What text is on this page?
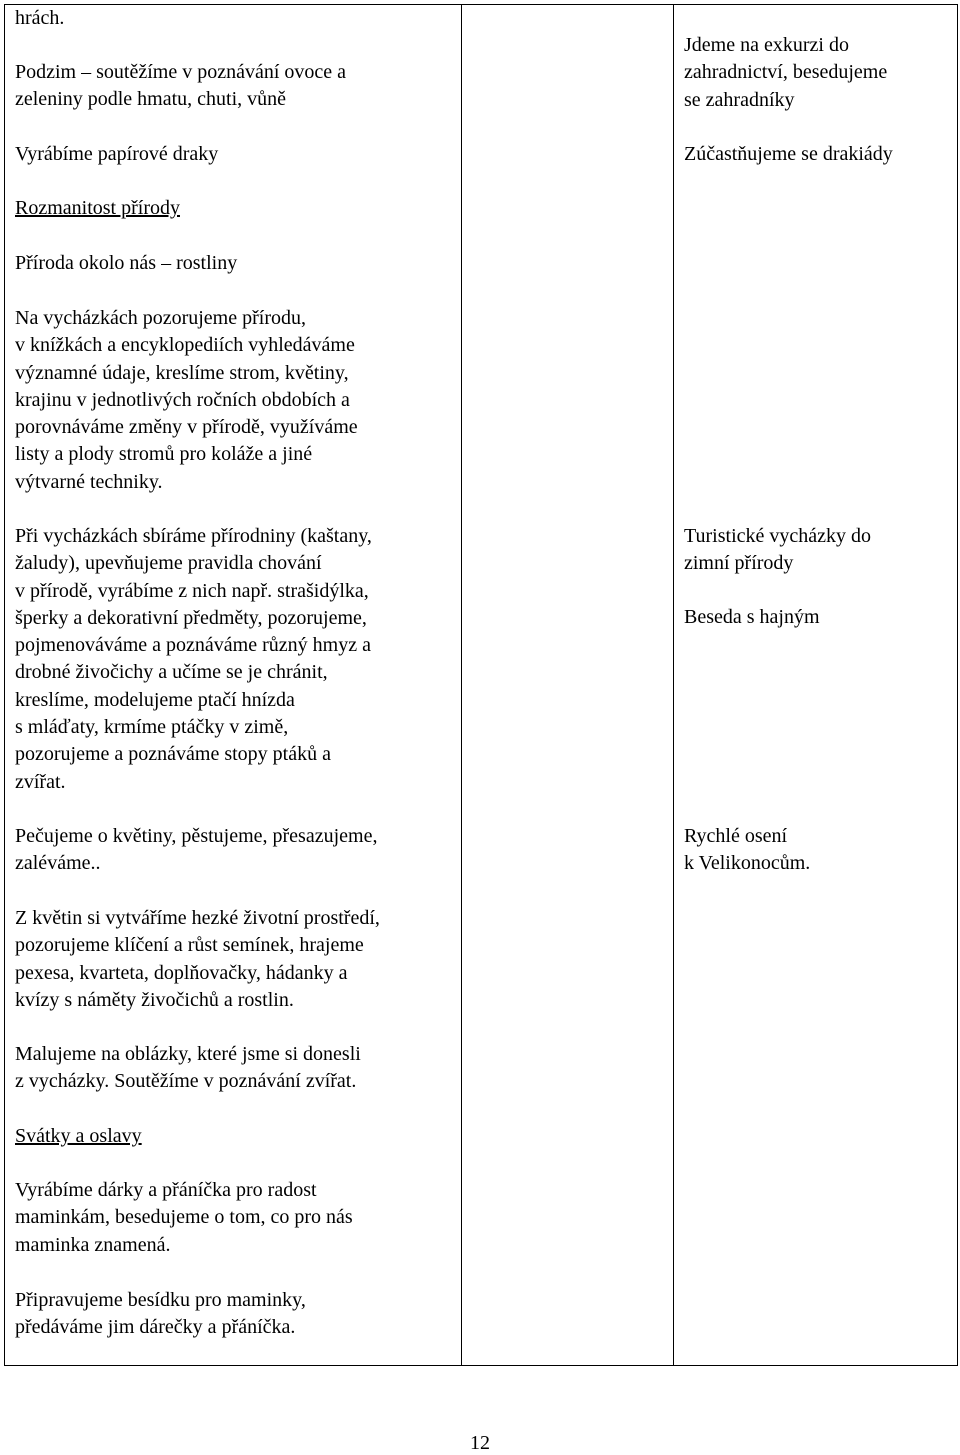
hrách.

Podzim – soutěžíme v poznávání ovoce a
zeleniny podle hmatu, chuti, vůně

Vyrábíme papírové draky

Rozmanitost přírody

Příroda okolo nás – rostliny

Na vycházkách pozorujeme přírodu,
v knížkách a encyklopediích vyhledáváme
významné údaje, kreslíme strom, květiny,
krajinu v jednotlivých ročních obdobích a
porovnáváme změny v přírodě, využíváme
listy a plody stromů pro koláže a jiné
výtvarné techniky.

Při vycházkách sbíráme přírodniny (kaštany,
žaludy), upevňujeme pravidla chování
v přírodě, vyrábíme z nich např. strašidýlka,
šperky a dekorativní předměty, pozorujeme,
pojmenováváme a poznáváme různý hmyz a
drobné živočichy a učíme se je chránit,
kreslíme, modelujeme ptačí hnízda
s mláďaty, krmíme ptáčky v zimě,
pozorujeme a poznáváme stopy ptáků a
zvířat.

Pečujeme o květiny, pěstujeme, přesazujeme,
zaléváme..

Z květin si vytváříme hezké životní prostředí,
pozorujeme klíčení a růst semínek, hrajeme
pexesa, kvarteta, doplňovačky, hádanky a
kvízy s náměty živočichů a rostlin.

Malujeme na oblázky, které jsme si donesli
z vycházky. Soutěžíme v poznávání zvířat.

Svátky a oslavy

Vyrábíme dárky a přáníčka pro radost
maminkám, besedujeme o tom, co pro nás
maminka znamená.

Připravujeme besídku pro maminky,
předáváme jim dárečky a přáníčka.

Jdeme na exkurzi do
zahradnictví, besedujeme
se zahradníky

Zúčastňujeme se drakiády

Turistické vycházky do
zimní přírody

Beseda s hajným

Rychlé osení
k Velikonocům.

12
